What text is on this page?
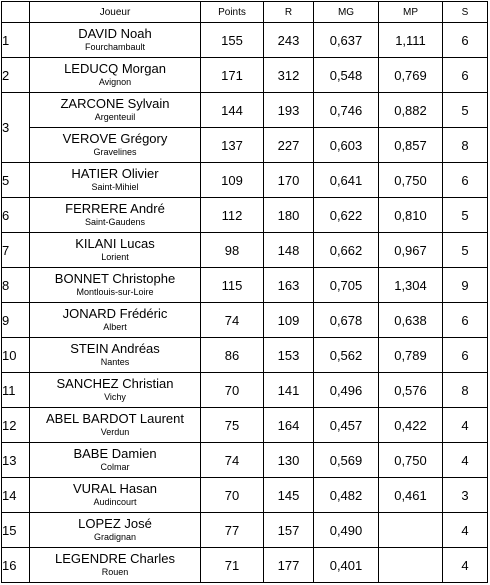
	Joueur	Points	R	MG	MP	S
1	DAVID Noah
Fourchambault	155	243	0,637	1,111	6
2	LEDUCQ Morgan
Avignon	171	312	0,548	0,769	6
3	ZARCONE Sylvain
Argenteuil	144	193	0,746	0,882	5

	VEROVE Grégory
Gravelines	137	227	0,603	0,857	8
5	HATIER Olivier
Saint-Mihiel	109	170	0,641	0,750	6
6	FERRERE André
Saint-Gaudens	112	180	0,622	0,810	5
7	KILANI Lucas
Lorient	98	148	0,662	0,967	5
8	BONNET Christophe
Montlouis-sur-Loire	115	163	0,705	1,304	9
9	JONARD Frédéric
Albert	74	109	0,678	0,638	6
10	STEIN Andréas
Nantes	86	153	0,562	0,789	6
11	SANCHEZ Christian
Vichy	70	141	0,496	0,576	8
12	ABEL BARDOT Laurent
Verdun	75	164	0,457	0,422	4
13	BABE Damien
Colmar	74	130	0,569	0,750	4
14	VURAL Hasan
Audincourt	70	145	0,482	0,461	3
15	LOPEZ José
Gradignan	77	157	0,490		4
16	LEGENDRE Charles
Rouen	71	177	0,401		4
